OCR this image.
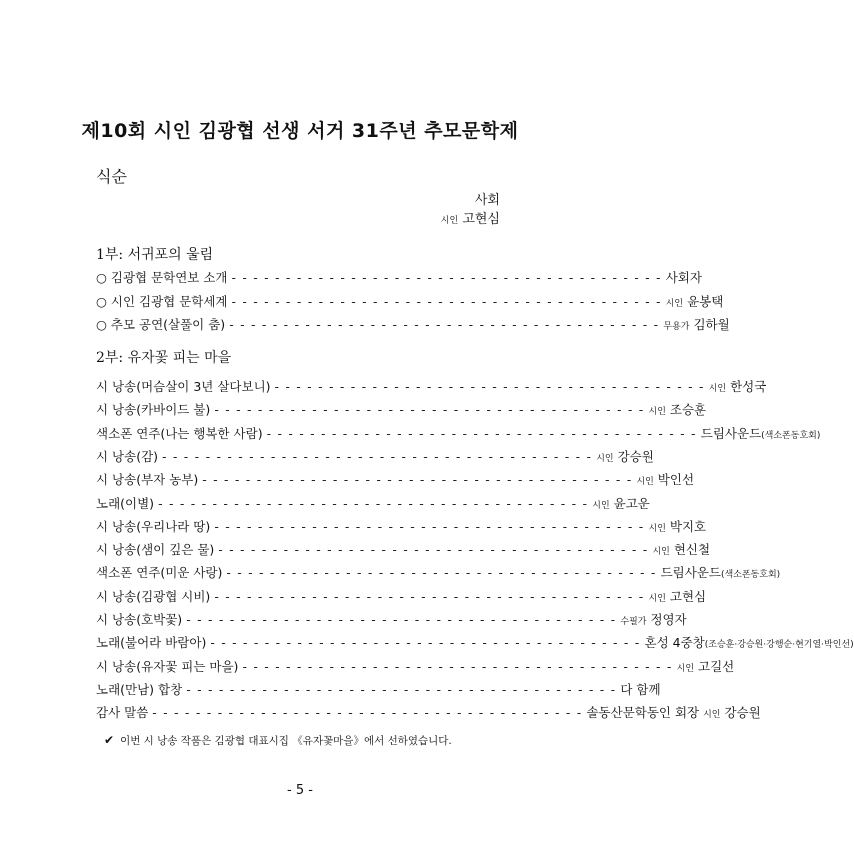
제10회 시인 김광협 선생 서거 31주년 추모문학제
식순
사회
시인 고현심
1부: 서귀포의 울림
○ 김광협 문학연보 소개 - - - - - - - - - - - - - - - - - - - - - - - - - - - - - - - - - - - - - - - - 사회자
○ 시인 김광협 문학세계 - - - - - - - - - - - - - - - - - - - - - - - - - - - - - - - - - - - - - - - - 시인 윤봉택
○ 추모 공연(살풀이 춤) - - - - - - - - - - - - - - - - - - - - - - - - - - - - - - - - - - - - - - - - 무용가 김하월
2부: 유자꽃 피는 마을
시 낭송(머슴살이 3년 살다보니) - - - - - - - - - - - - - - - - - - - - - - - - - - - - - - - - - - - - - - - - 시인 한성국
시 낭송(카바이드 불) - - - - - - - - - - - - - - - - - - - - - - - - - - - - - - - - - - - - - - - - 시인 조승훈
색소폰 연주(나는 행복한 사람) - - - - - - - - - - - - - - - - - - - - - - - - - - - - - - - - - - - - - - - - 드림사운드(색소폰동호회)
시 낭송(감) - - - - - - - - - - - - - - - - - - - - - - - - - - - - - - - - - - - - - - - - 시인 강승원
시 낭송(부자 농부) - - - - - - - - - - - - - - - - - - - - - - - - - - - - - - - - - - - - - - - - 시인 박인선
노래(이별) - - - - - - - - - - - - - - - - - - - - - - - - - - - - - - - - - - - - - - - - 시인 윤고운
시 낭송(우리나라 땅) - - - - - - - - - - - - - - - - - - - - - - - - - - - - - - - - - - - - - - - - 시인 박지호
시 낭송(샘이 깊은 물) - - - - - - - - - - - - - - - - - - - - - - - - - - - - - - - - - - - - - - - - 시인 현신철
색소폰 연주(미운 사랑) - - - - - - - - - - - - - - - - - - - - - - - - - - - - - - - - - - - - - - - - 드림사운드(색소폰동호회)
시 낭송(김광협 시비) - - - - - - - - - - - - - - - - - - - - - - - - - - - - - - - - - - - - - - - - 시인 고현심
시 낭송(호박꽃) - - - - - - - - - - - - - - - - - - - - - - - - - - - - - - - - - - - - - - - - 수필가 정영자
노래(불어라 바람아) - - - - - - - - - - - - - - - - - - - - - - - - - - - - - - - - - - - - - - - - 혼성 4중창(조승훈·강승원·강행순·현기열·박인선)
시 낭송(유자꽃 피는 마을) - - - - - - - - - - - - - - - - - - - - - - - - - - - - - - - - - - - - - - - - 시인 고길선
노래(만남) 합창 - - - - - - - - - - - - - - - - - - - - - - - - - - - - - - - - - - - - - - - - 다 함께
감사 말씀 - - - - - - - - - - - - - - - - - - - - - - - - - - - - - - - - - - - - - - - - 솔동산문학동인 회장 시인 강승원
✔ 이번 시 낭송 작품은 김광협 대표시집 《유자꽃마을》에서 선하였습니다.
- 5 -
